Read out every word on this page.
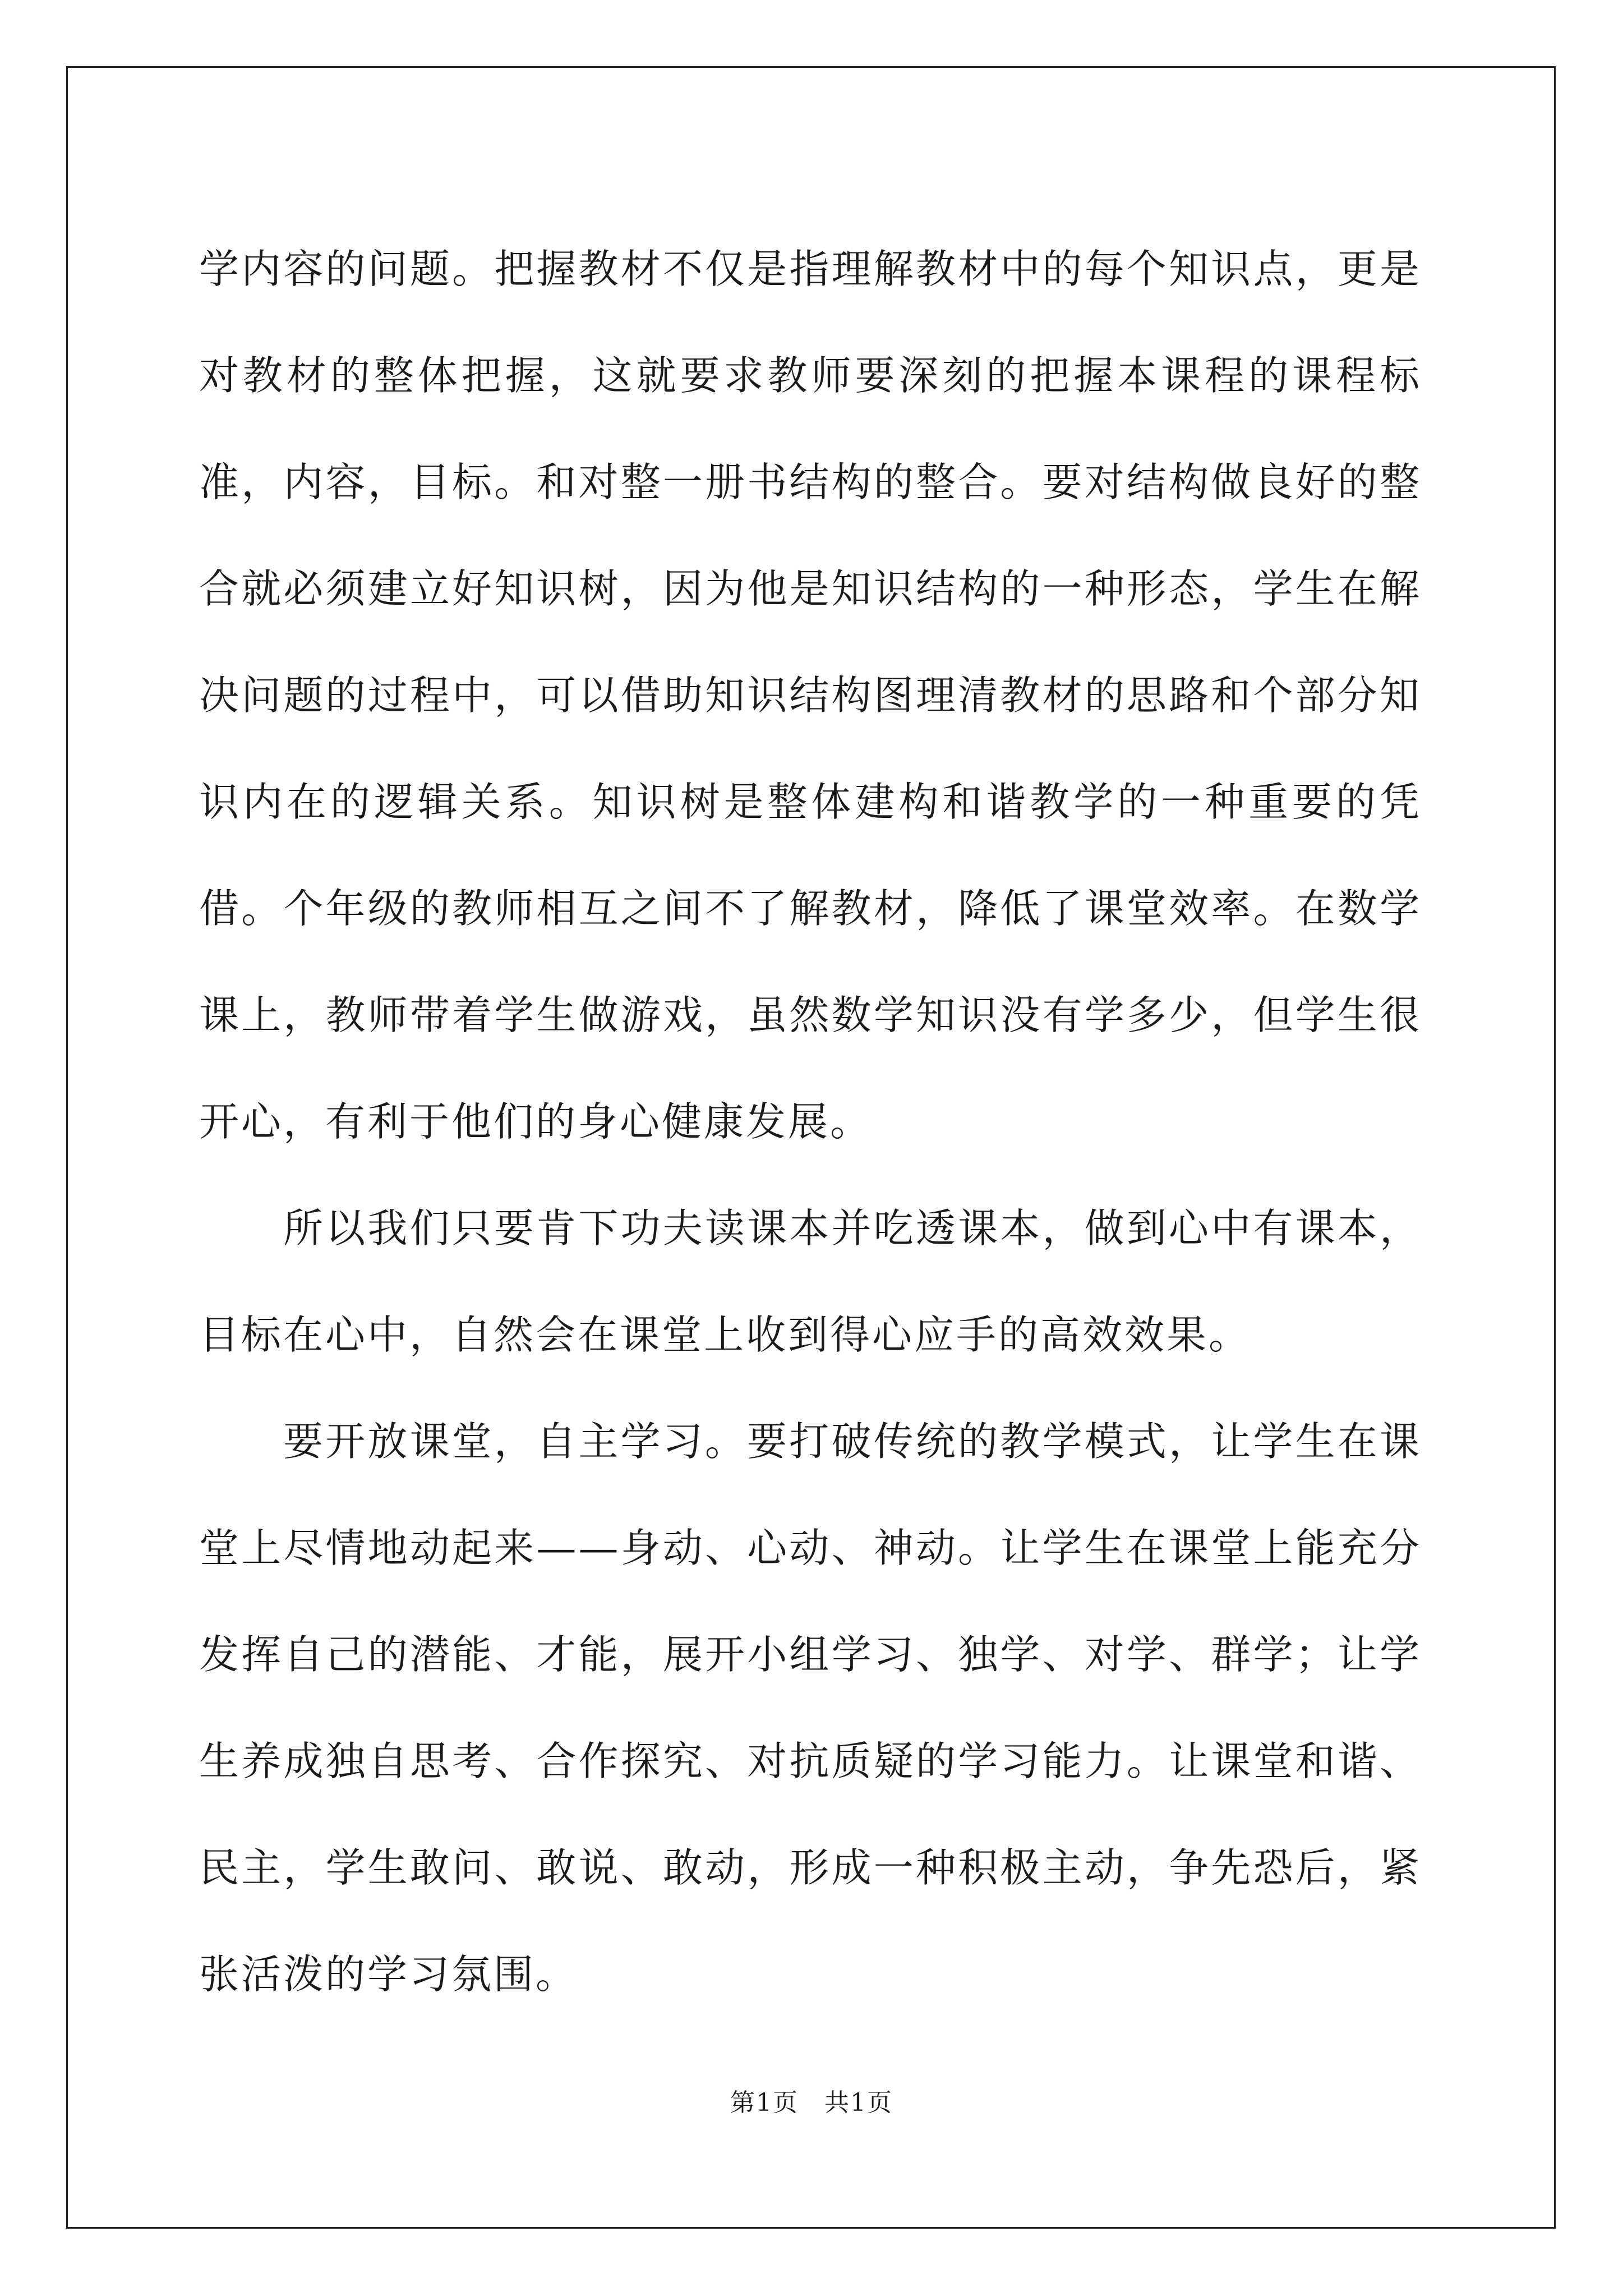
学内容的问题。把握教材不仅是指理解教材中的每个知识点，更是对教材的整体把握，这就要求教师要深刻的把握本课程的课程标准，内容，目标。和对整一册书结构的整合。要对结构做良好的整合就必须建立好知识树，因为他是知识结构的一种形态，学生在解决问题的过程中，可以借助知识结构图理清教材的思路和个部分知识内在的逻辑关系。知识树是整体建构和谐教学的一种重要的凭借。个年级的教师相互之间不了解教材，降低了课堂效率。在数学课上，教师带着学生做游戏，虽然数学知识没有学多少，但学生很开心，有利于他们的身心健康发展。

所以我们只要肯下功夫读课本并吃透课本，做到心中有课本，目标在心中，自然会在课堂上收到得心应手的高效效果。

要开放课堂，自主学习。要打破传统的教学模式，让学生在课堂上尽情地动起来——身动、心动、神动。让学生在课堂上能充分发挥自己的潜能、才能，展开小组学习、独学、对学、群学；让学生养成独自思考、合作探究、对抗质疑的学习能力。让课堂和谐、民主，学生敢问、敢说、敢动，形成一种积极主动，争先恐后，紧张活泼的学习氛围。

第1页　共1页
